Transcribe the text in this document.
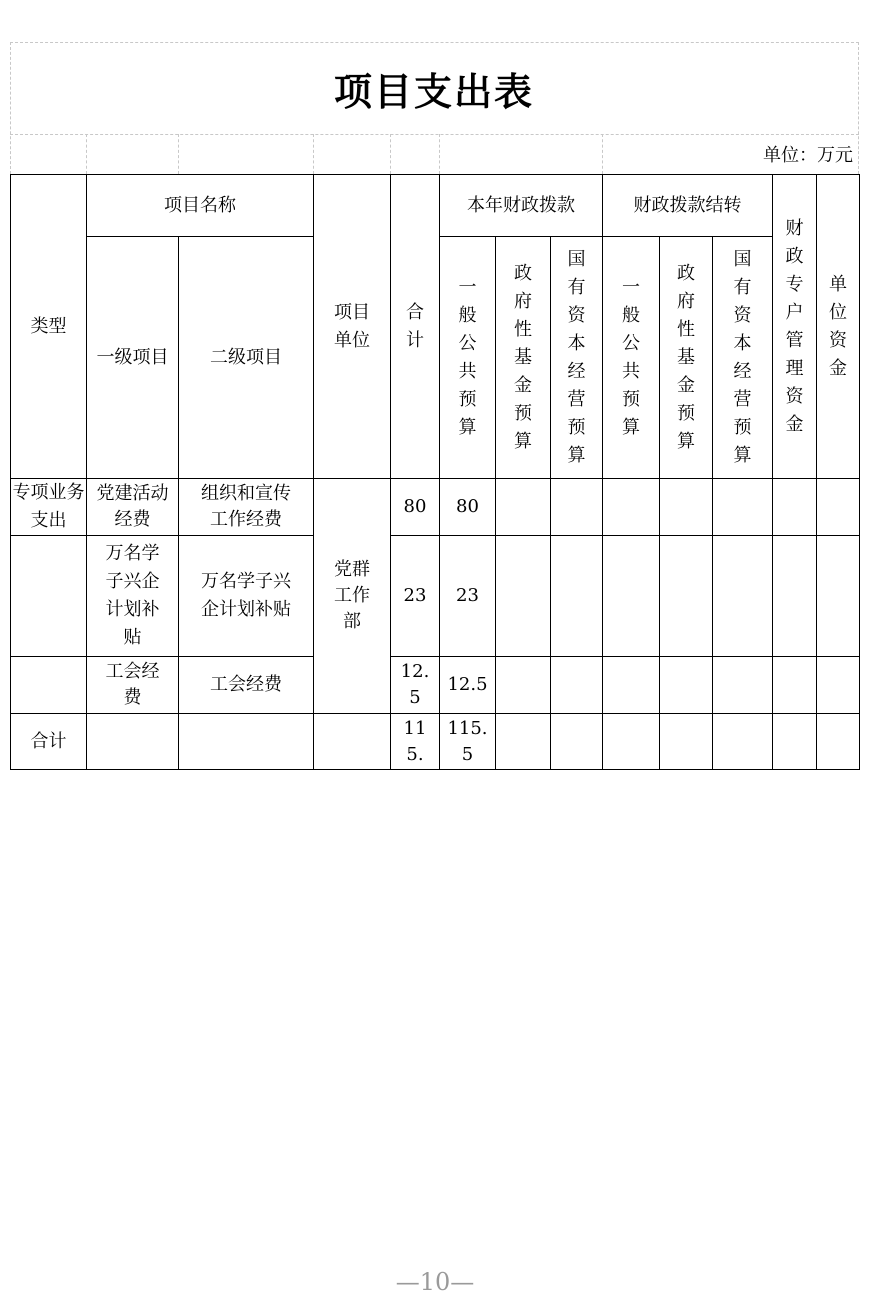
项目支出表
单位：万元
类型	项目名称		项目单位	合计	本年财政拨款			财政拨款结转			财政专户管理资金	单位资金

	一级项目	二级项目			一般公共预算	政府性基金预算	国有资本经营预算	一般公共预算	政府性基金预算	国有资本经营预算		

专项业务支出	党建活动经费	组织和宣传工作经费	党群工作部	80	80							

	万名学子兴企计划补贴	万名学子兴企计划补贴		23	23							

	工会经费	工会经费		12.5	12.5							

合计				115.	115.5							

—10—
